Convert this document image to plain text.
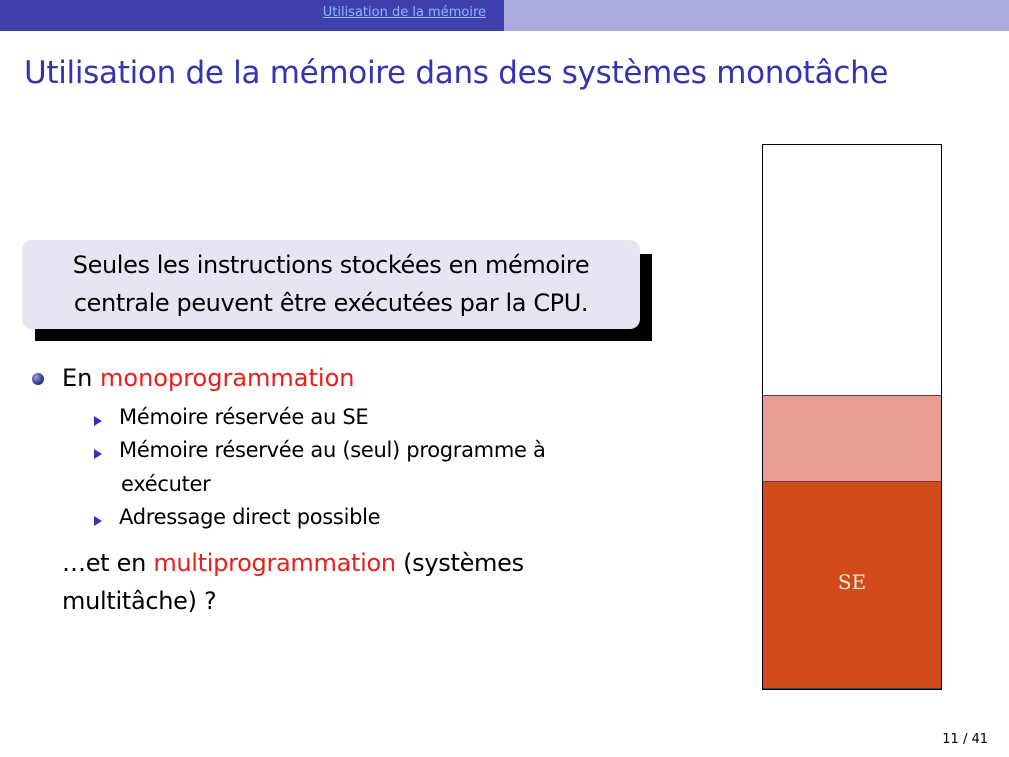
Utilisation de la mémoire
Utilisation de la mémoire dans des systèmes monotâche
Seules les instructions stockées en mémoire
centrale peuvent être exécutées par la CPU.
En monoprogrammation
Mémoire réservée au SE
Mémoire réservée au (seul) programme à
exécuter
Adressage direct possible
…et en multiprogrammation (systèmes
multitâche) ?
SE
11 / 41
